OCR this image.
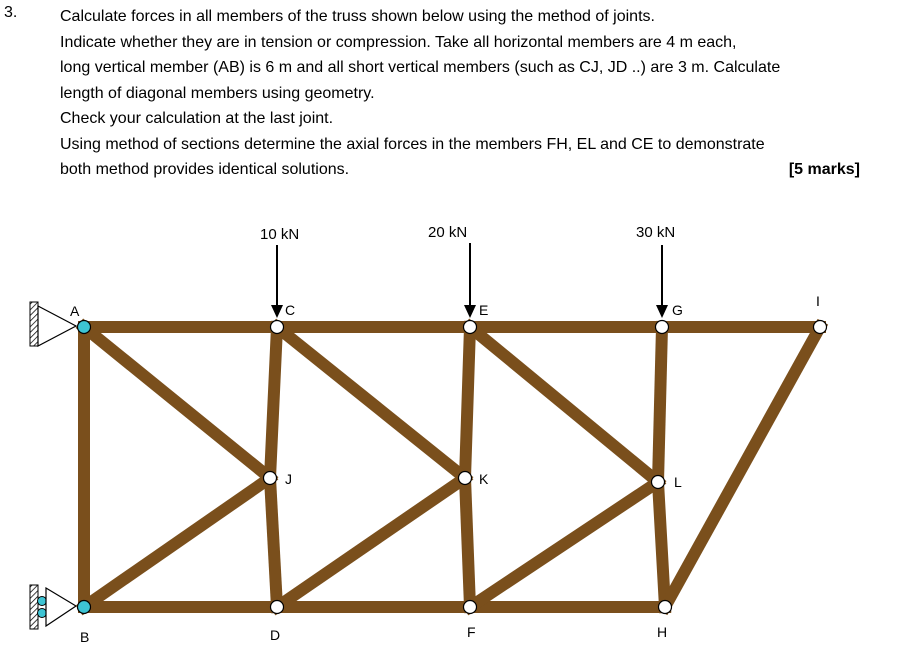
3.	Calculate forces in all members of the truss shown below using the method of joints.
Indicate whether they are in tension or compression. Take all horizontal members are 4 m each,
long vertical member (AB) is 6 m and all short vertical members (such as CJ, JD ..) are 3 m. Calculate
length of diagonal members using geometry.
Check your calculation at the last joint.
Using method of sections determine the axial forces in the members FH, EL and CE to demonstrate
both method provides identical solutions.	[5 marks]
10 kN	20 kN	30 kN
A
B
C
D
E
F
G
H
I
J	K	L
